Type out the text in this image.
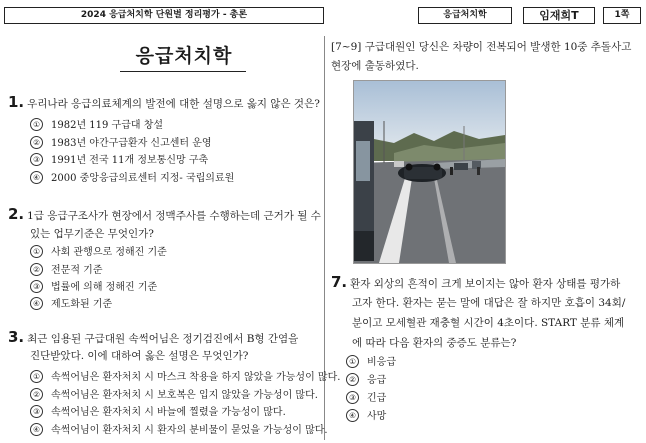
2024 응급처치학 단원별 정리평가 - 총론	응급처치학	임재희T	1쪽
응급처치학
1. 우리나라 응급의료체계의 발전에 대한 설명으로 옳지 않은 것은?
① 1982년 119 구급대 창설
② 1983년 야간구급환자 신고센터 운영
③ 1991년 전국 11개 정보통신망 구축
④ 2000 중앙응급의료센터 지정- 국립의료원
2. 1급 응급구조사가 현장에서 정맥주사를 수행하는데 근거가 될 수
있는 업무기준은 무엇인가?
① 사회 관행으로 정해진 기준
② 전문적 기준
③ 법률에 의해 정해진 기준
④ 제도화된 기준
3. 최근 임용된 구급대원 속썩어님은 정기검진에서 B형 간염을
진단받았다. 이에 대하여 옳은 설명은 무엇인가?
① 속썩어님은 환자처치 시 마스크 착용을 하지 않았을 가능성이 많다.
② 속썩어님은 환자처치 시 보호복은 입지 않았을 가능성이 많다.
③ 속썩어님은 환자처치 시 바늘에 찔렸을 가능성이 많다.
④ 속썩어님이 환자처치 시 환자의 분비물이 묻었을 가능성이 많다.
[7~9] 구급대원인 당신은 차량이 전복되어 발생한 10중 추돌사고
현장에 출동하였다.
7. 환자 외상의 흔적이 크게 보이지는 않아 환자 상태를 평가하
고자 한다. 환자는 묻는 말에 대답은 잘 하지만 호흡이 34회/
분이고 모세혈관 재충혈 시간이 4초이다. START 분류 체계
에 따라 다음 환자의 중증도 분류는?
① 비응급
② 응급
③ 긴급
④ 사망
